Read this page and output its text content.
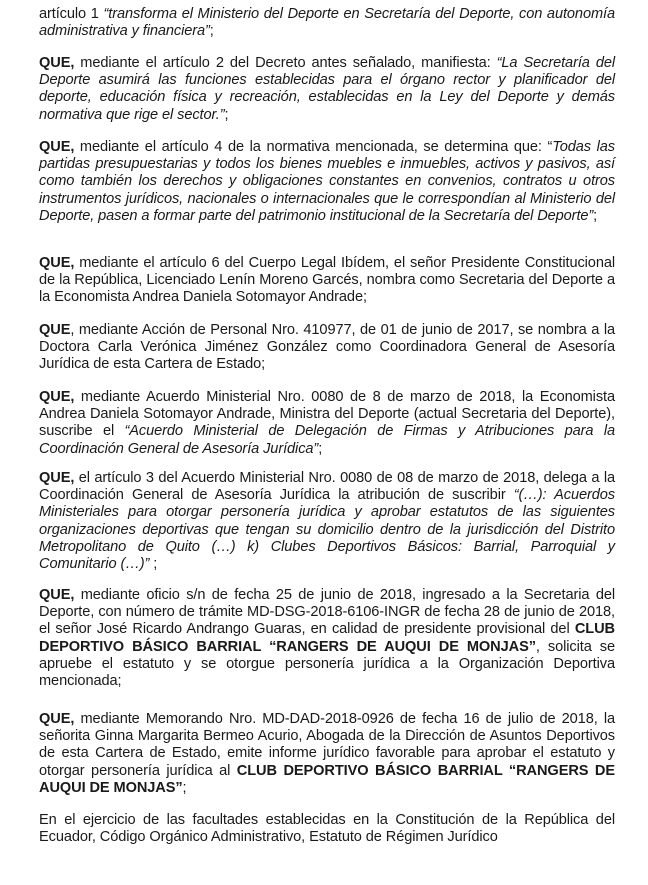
artículo 1 “transforma el Ministerio del Deporte en Secretaría del Deporte, con autonomía administrativa y financiera”;

QUE, mediante el artículo 2 del Decreto antes señalado, manifiesta: “La Secretaría del Deporte asumirá las funciones establecidas para el órgano rector y planificador del deporte, educación física y recreación, establecidas en la Ley del Deporte y demás normativa que rige el sector.”;

QUE, mediante el artículo 4 de la normativa mencionada, se determina que: “Todas las partidas presupuestarias y todos los bienes muebles e inmuebles, activos y pasivos, así como también los derechos y obligaciones constantes en convenios, contratos u otros instrumentos jurídicos, nacionales o internacionales que le correspondían al Ministerio del Deporte, pasen a formar parte del patrimonio institucional de la Secretaría del Deporte”;

QUE, mediante el artículo 6 del Cuerpo Legal Ibídem, el señor Presidente Constitucional de la República, Licenciado Lenín Moreno Garcés, nombra como Secretaria del Deporte a la Economista Andrea Daniela Sotomayor Andrade;

QUE, mediante Acción de Personal Nro. 410977, de 01 de junio de 2017, se nombra a la Doctora Carla Verónica Jiménez González como Coordinadora General de Asesoría Jurídica de esta Cartera de Estado;

QUE, mediante Acuerdo Ministerial Nro. 0080 de 8 de marzo de 2018, la Economista Andrea Daniela Sotomayor Andrade, Ministra del Deporte (actual Secretaria del Deporte), suscribe el “Acuerdo Ministerial de Delegación de Firmas y Atribuciones para la Coordinación General de Asesoría Jurídica”;

QUE, el artículo 3 del Acuerdo Ministerial Nro. 0080 de 08 de marzo de 2018, delega a la Coordinación General de Asesoría Jurídica la atribución de suscribir “(…): Acuerdos Ministeriales para otorgar personería jurídica y aprobar estatutos de las siguientes organizaciones deportivas que tengan su domicilio dentro de la jurisdicción del Distrito Metropolitano de Quito (…) k) Clubes Deportivos Básicos: Barrial, Parroquial y Comunitario (…)” ;

QUE, mediante oficio s/n de fecha 25 de junio de 2018, ingresado a la Secretaria del Deporte, con número de trámite MD-DSG-2018-6106-INGR de fecha 28 de junio de 2018, el señor José Ricardo Andrango Guaras, en calidad de presidente provisional del CLUB DEPORTIVO BÁSICO BARRIAL “RANGERS DE AUQUI DE MONJAS”, solicita se apruebe el estatuto y se otorgue personería jurídica a la Organización Deportiva mencionada;

QUE, mediante Memorando Nro. MD-DAD-2018-0926 de fecha 16 de julio de 2018, la señorita Ginna Margarita Bermeo Acurio, Abogada de la Dirección de Asuntos Deportivos de esta Cartera de Estado, emite informe jurídico favorable para aprobar el estatuto y otorgar personería jurídica al CLUB DEPORTIVO BÁSICO BARRIAL “RANGERS DE AUQUI DE MONJAS”;

En el ejercicio de las facultades establecidas en la Constitución de la República del Ecuador, Código Orgánico Administrativo, Estatuto de Régimen Jurídico
